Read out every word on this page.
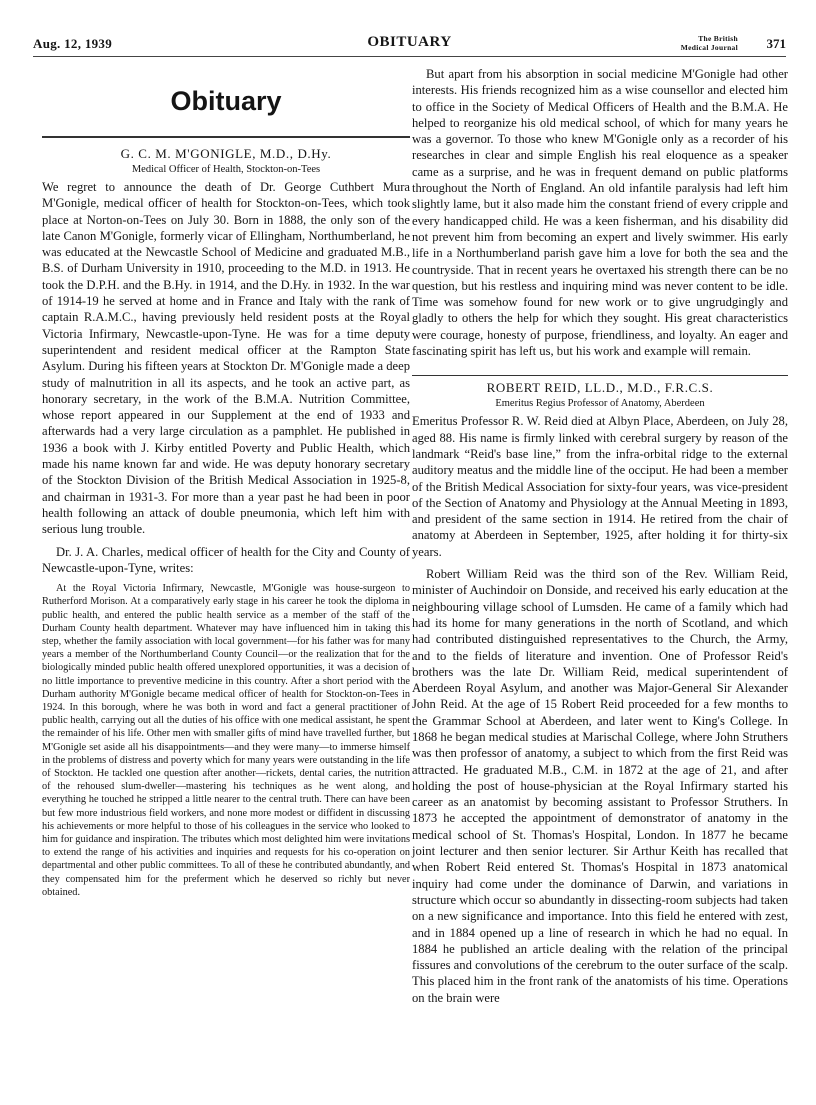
Aug. 12, 1939	OBITUARY	The British
Medical Journal 371
Obituary
G. C. M. M'GONIGLE, M.D., D.Hy.
Medical Officer of Health, Stockton-on-Tees

We regret to announce the death of Dr. George Cuthbert Mura M'Gonigle, medical officer of health for Stockton-on-Tees, which took place at Norton-on-Tees on July 30. Born in 1888, the only son of the late Canon M'Gonigle, formerly vicar of Ellingham, Northumberland, he was educated at the Newcastle School of Medicine and graduated M.B., B.S. of Durham University in 1910, proceeding to the M.D. in 1913. He took the D.P.H. and the B.Hy. in 1914, and the D.Hy. in 1932. In the war of 1914-19 he served at home and in France and Italy with the rank of captain R.A.M.C., having previously held resident posts at the Royal Victoria Infirmary, Newcastle-upon-Tyne. He was for a time deputy superintendent and resident medical officer at the Rampton State Asylum. During his fifteen years at Stockton Dr. M'Gonigle made a deep study of malnutrition in all its aspects, and he took an active part, as honorary secretary, in the work of the B.M.A. Nutrition Committee, whose report appeared in our Supplement at the end of 1933 and afterwards had a very large circulation as a pamphlet. He published in 1936 a book with J. Kirby entitled Poverty and Public Health, which made his name known far and wide. He was deputy honorary secretary of the Stockton Division of the British Medical Association in 1925-8, and chairman in 1931-3. For more than a year past he had been in poor health following an attack of double pneumonia, which left him with serious lung trouble.

Dr. J. A. Charles, medical officer of health for the City and County of Newcastle-upon-Tyne, writes:

At the Royal Victoria Infirmary, Newcastle, M'Gonigle was house-surgeon to Rutherford Morison. At a comparatively early stage in his career he took the diploma in public health, and entered the public health service as a member of the staff of the Durham County health department. Whatever may have influenced him in taking this step, whether the family association with local government—for his father was for many years a member of the Northumberland County Council—or the realization that for the biologically minded public health offered unexplored opportunities, it was a decision of no little importance to preventive medicine in this country. After a short period with the Durham authority M'Gonigle became medical officer of health for Stockton-on-Tees in 1924. In this borough, where he was both in word and fact a general practitioner of public health, carrying out all the duties of his office with one medical assistant, he spent the remainder of his life. Other men with smaller gifts of mind have travelled further, but M'Gonigle set aside all his disappointments—and they were many—to immerse himself in the problems of distress and poverty which for many years were outstanding in the life of Stockton. He tackled one question after another—rickets, dental caries, the nutrition of the rehoused slum-dweller—mastering his techniques as he went along, and everything he touched he stripped a little nearer to the central truth. There can have been but few more industrious field workers, and none more modest or diffident in discussing his achievements or more helpful to those of his colleagues in the service who looked to him for guidance and inspiration. The tributes which most delighted him were invitations to extend the range of his activities and inquiries and requests for his co-operation on departmental and other public committees. To all of these he contributed abundantly, and they compensated him for the preferment which he deserved so richly but never obtained.

But apart from his absorption in social medicine M'Gonigle had other interests. His friends recognized him as a wise counsellor and elected him to office in the Society of Medical Officers of Health and the B.M.A. He helped to reorganize his old medical school, of which for many years he was a governor. To those who knew M'Gonigle only as a recorder of his researches in clear and simple English his real eloquence as a speaker came as a surprise, and he was in frequent demand on public platforms throughout the North of England. An old infantile paralysis had left him slightly lame, but it also made him the constant friend of every cripple and every handicapped child. He was a keen fisherman, and his disability did not prevent him from becoming an expert and lively swimmer. His early life in a Northumberland parish gave him a love for both the sea and the countryside. That in recent years he overtaxed his strength there can be no question, but his restless and inquiring mind was never content to be idle. Time was somehow found for new work or to give ungrudgingly and gladly to others the help for which they sought. His great characteristics were courage, honesty of purpose, friendliness, and loyalty. An eager and fascinating spirit has left us, but his work and example will remain.

ROBERT REID, LL.D., M.D., F.R.C.S.
Emeritus Regius Professor of Anatomy, Aberdeen

Emeritus Professor R. W. Reid died at Albyn Place, Aberdeen, on July 28, aged 88. His name is firmly linked with cerebral surgery by reason of the landmark “Reid's base line,” from the infra-orbital ridge to the external auditory meatus and the middle line of the occiput. He had been a member of the British Medical Association for sixty-four years, was vice-president of the Section of Anatomy and Physiology at the Annual Meeting in 1893, and president of the same section in 1914. He retired from the chair of anatomy at Aberdeen in September, 1925, after holding it for thirty-six years.

Robert William Reid was the third son of the Rev. William Reid, minister of Auchindoir on Donside, and received his early education at the neighbouring village school of Lumsden. He came of a family which had had its home for many generations in the north of Scotland, and which had contributed distinguished representatives to the Church, the Army, and to the fields of literature and invention. One of Professor Reid's brothers was the late Dr. William Reid, medical superintendent of Aberdeen Royal Asylum, and another was Major-General Sir Alexander John Reid. At the age of 15 Robert Reid proceeded for a few months to the Grammar School at Aberdeen, and later went to King's College. In 1868 he began medical studies at Marischal College, where John Struthers was then professor of anatomy, a subject to which from the first Reid was attracted. He graduated M.B., C.M. in 1872 at the age of 21, and after holding the post of house-physician at the Royal Infirmary started his career as an anatomist by becoming assistant to Professor Struthers. In 1873 he accepted the appointment of demonstrator of anatomy in the medical school of St. Thomas's Hospital, London. In 1877 he became joint lecturer and then senior lecturer. Sir Arthur Keith has recalled that when Robert Reid entered St. Thomas's Hospital in 1873 anatomical inquiry had come under the dominance of Darwin, and variations in structure which occur so abundantly in dissecting-room subjects had taken on a new significance and importance. Into this field he entered with zest, and in 1884 opened up a line of research in which he had no equal. In 1884 he published an article dealing with the relation of the principal fissures and convolutions of the cerebrum to the outer surface of the scalp. This placed him in the front rank of the anatomists of his time. Operations on the brain were
